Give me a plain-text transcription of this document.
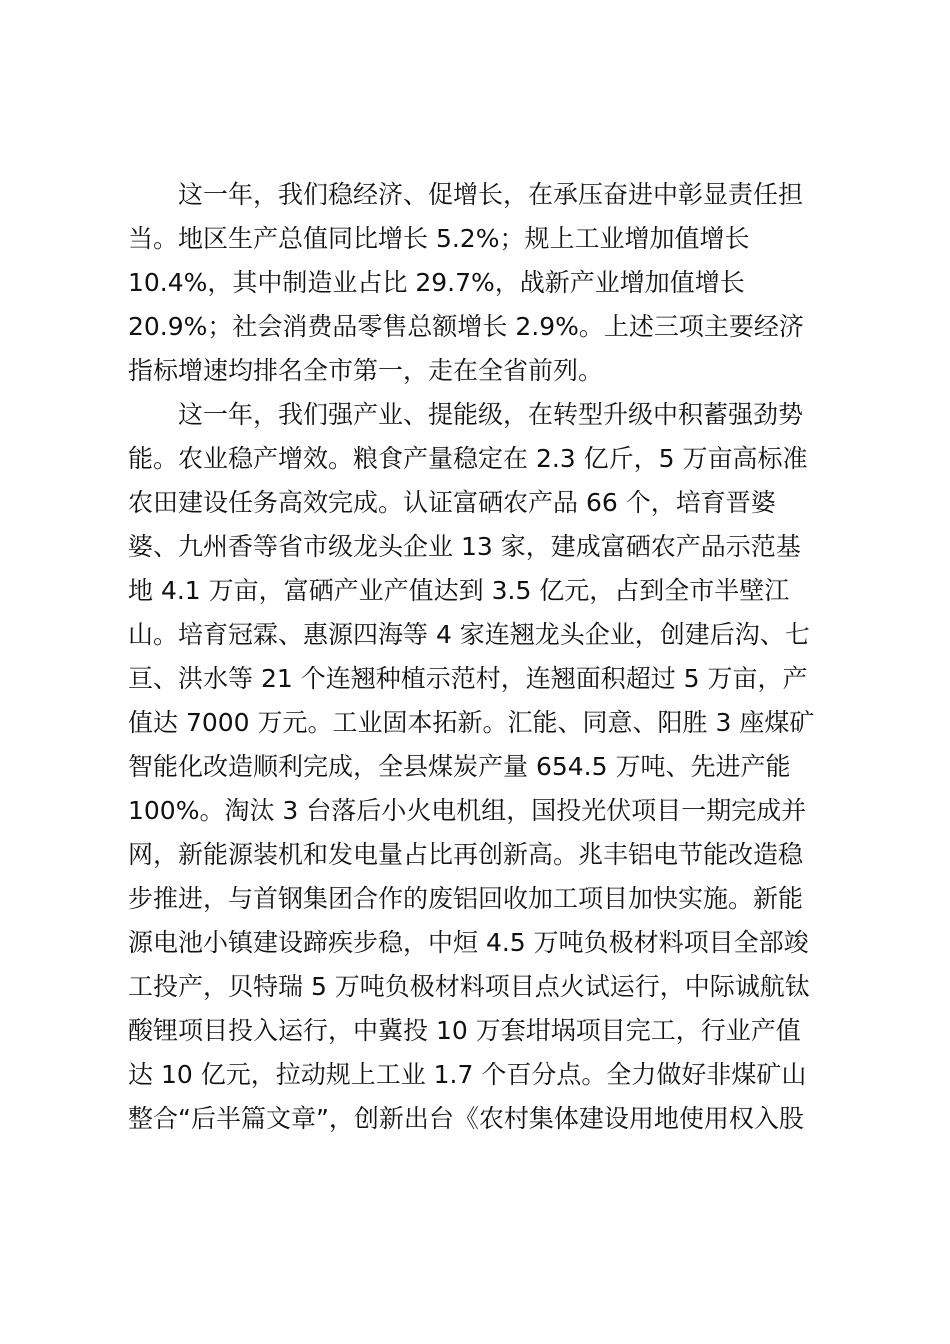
这一年，我们稳经济、促增长，在承压奋进中彰显责任担
当。地区生产总值同比增长 5.2%；规上工业增加值增长
10.4%，其中制造业占比 29.7%，战新产业增加值增长
20.9%；社会消费品零售总额增长 2.9%。上述三项主要经济
指标增速均排名全市第一，走在全省前列。
这一年，我们强产业、提能级，在转型升级中积蓄强劲势
能。农业稳产增效。粮食产量稳定在 2.3 亿斤，5 万亩高标准
农田建设任务高效完成。认证富硒农产品 66 个，培育晋婆
婆、九州香等省市级龙头企业 13 家，建成富硒农产品示范基
地 4.1 万亩，富硒产业产值达到 3.5 亿元，占到全市半壁江
山。培育冠霖、惠源四海等 4 家连翘龙头企业，创建后沟、七
亘、洪水等 21 个连翘种植示范村，连翘面积超过 5 万亩，产
值达 7000 万元。工业固本拓新。汇能、同意、阳胜 3 座煤矿
智能化改造顺利完成，全县煤炭产量 654.5 万吨、先进产能
100%。淘汰 3 台落后小火电机组，国投光伏项目一期完成并
网，新能源装机和发电量占比再创新高。兆丰铝电节能改造稳
步推进，与首钢集团合作的废铝回收加工项目加快实施。新能
源电池小镇建设蹄疾步稳，中烜 4.5 万吨负极材料项目全部竣
工投产，贝特瑞 5 万吨负极材料项目点火试运行，中际诚航钛
酸锂项目投入运行，中冀投 10 万套坩埚项目完工，行业产值
达 10 亿元，拉动规上工业 1.7 个百分点。全力做好非煤矿山
整合“后半篇文章”，创新出台《农村集体建设用地使用权入股
